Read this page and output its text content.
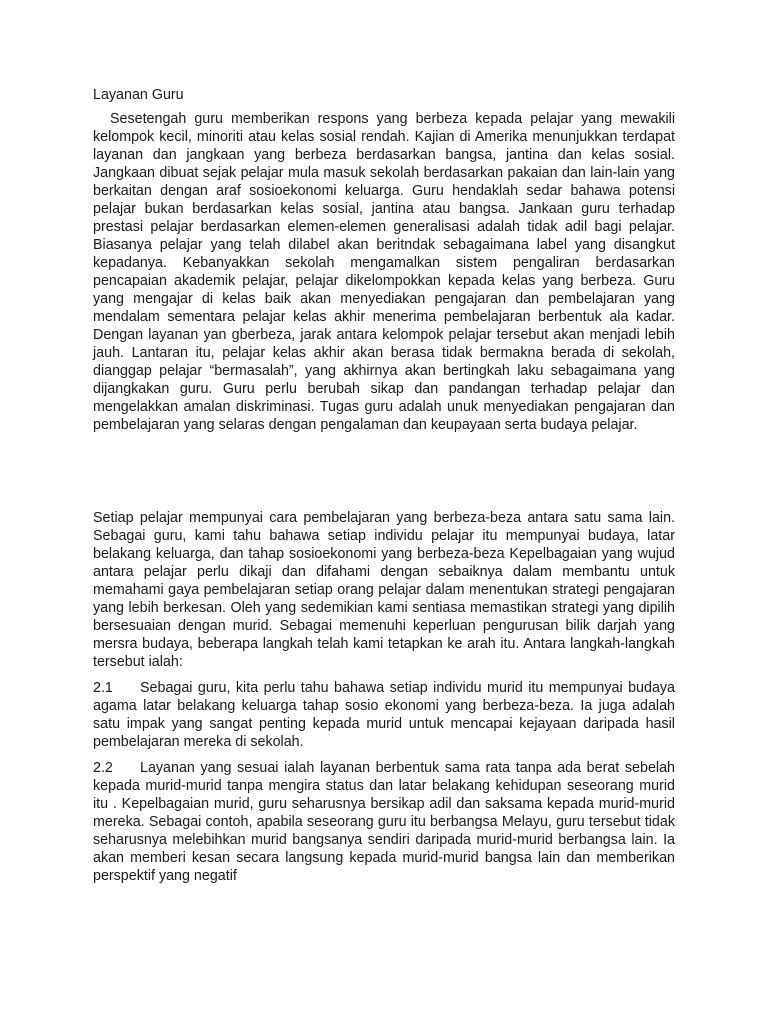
Layanan Guru

Sesetengah guru memberikan respons yang berbeza kepada pelajar yang mewakili kelompok kecil, minoriti atau kelas sosial rendah. Kajian di Amerika menunjukkan terdapat layanan dan jangkaan yang berbeza berdasarkan bangsa, jantina dan kelas sosial. Jangkaan dibuat sejak pelajar mula masuk sekolah berdasarkan pakaian dan lain-lain yang berkaitan dengan araf sosioekonomi keluarga. Guru hendaklah sedar bahawa potensi pelajar bukan berdasarkan kelas sosial, jantina atau bangsa. Jankaan guru terhadap prestasi pelajar berdasarkan elemen-elemen generalisasi adalah tidak adil bagi pelajar. Biasanya pelajar yang telah dilabel akan beritndak sebagaimana label yang disangkut kepadanya. Kebanyakkan sekolah mengamalkan sistem pengaliran berdasarkan pencapaian akademik pelajar, pelajar dikelompokkan kepada kelas yang berbeza. Guru yang mengajar di kelas baik akan menyediakan pengajaran dan pembelajaran yang mendalam sementara pelajar kelas akhir menerima pembelajaran berbentuk ala kadar. Dengan layanan yan gberbeza, jarak antara kelompok pelajar tersebut akan menjadi lebih jauh. Lantaran itu, pelajar kelas akhir akan berasa tidak bermakna berada di sekolah, dianggap pelajar “bermasalah”, yang akhirnya akan bertingkah laku sebagaimana yang dijangkakan guru. Guru perlu berubah sikap dan pandangan terhadap pelajar dan mengelakkan amalan diskriminasi. Tugas guru adalah unuk menyediakan pengajaran dan pembelajaran yang selaras dengan pengalaman dan keupayaan serta budaya pelajar.

Setiap pelajar mempunyai cara pembelajaran yang berbeza-beza antara satu sama lain. Sebagai guru, kami tahu bahawa setiap individu pelajar itu mempunyai budaya, latar belakang keluarga, dan tahap sosioekonomi yang berbeza-beza Kepelbagaian yang wujud antara pelajar perlu dikaji dan difahami dengan sebaiknya dalam membantu untuk memahami gaya pembelajaran setiap orang pelajar dalam menentukan strategi pengajaran yang lebih berkesan. Oleh yang sedemikian kami sentiasa memastikan strategi yang dipilih bersesuaian dengan murid. Sebagai memenuhi keperluan pengurusan bilik darjah yang mersra budaya, beberapa langkah telah kami tetapkan ke arah itu. Antara langkah-langkah tersebut ialah:

2.1 Sebagai guru, kita perlu tahu bahawa setiap individu murid itu mempunyai budaya agama latar belakang keluarga tahap sosio ekonomi yang berbeza-beza. Ia juga adalah satu impak yang sangat penting kepada murid untuk mencapai kejayaan daripada hasil pembelajaran mereka di sekolah.

2.2 Layanan yang sesuai ialah layanan berbentuk sama rata tanpa ada berat sebelah kepada murid-murid tanpa mengira status dan latar belakang kehidupan seseorang murid itu . Kepelbagaian murid, guru seharusnya bersikap adil dan saksama kepada murid-murid mereka. Sebagai contoh, apabila seseorang guru itu berbangsa Melayu, guru tersebut tidak seharusnya melebihkan murid bangsanya sendiri daripada murid-murid berbangsa lain. Ia akan memberi kesan secara langsung kepada murid-murid bangsa lain dan memberikan perspektif yang negatif
